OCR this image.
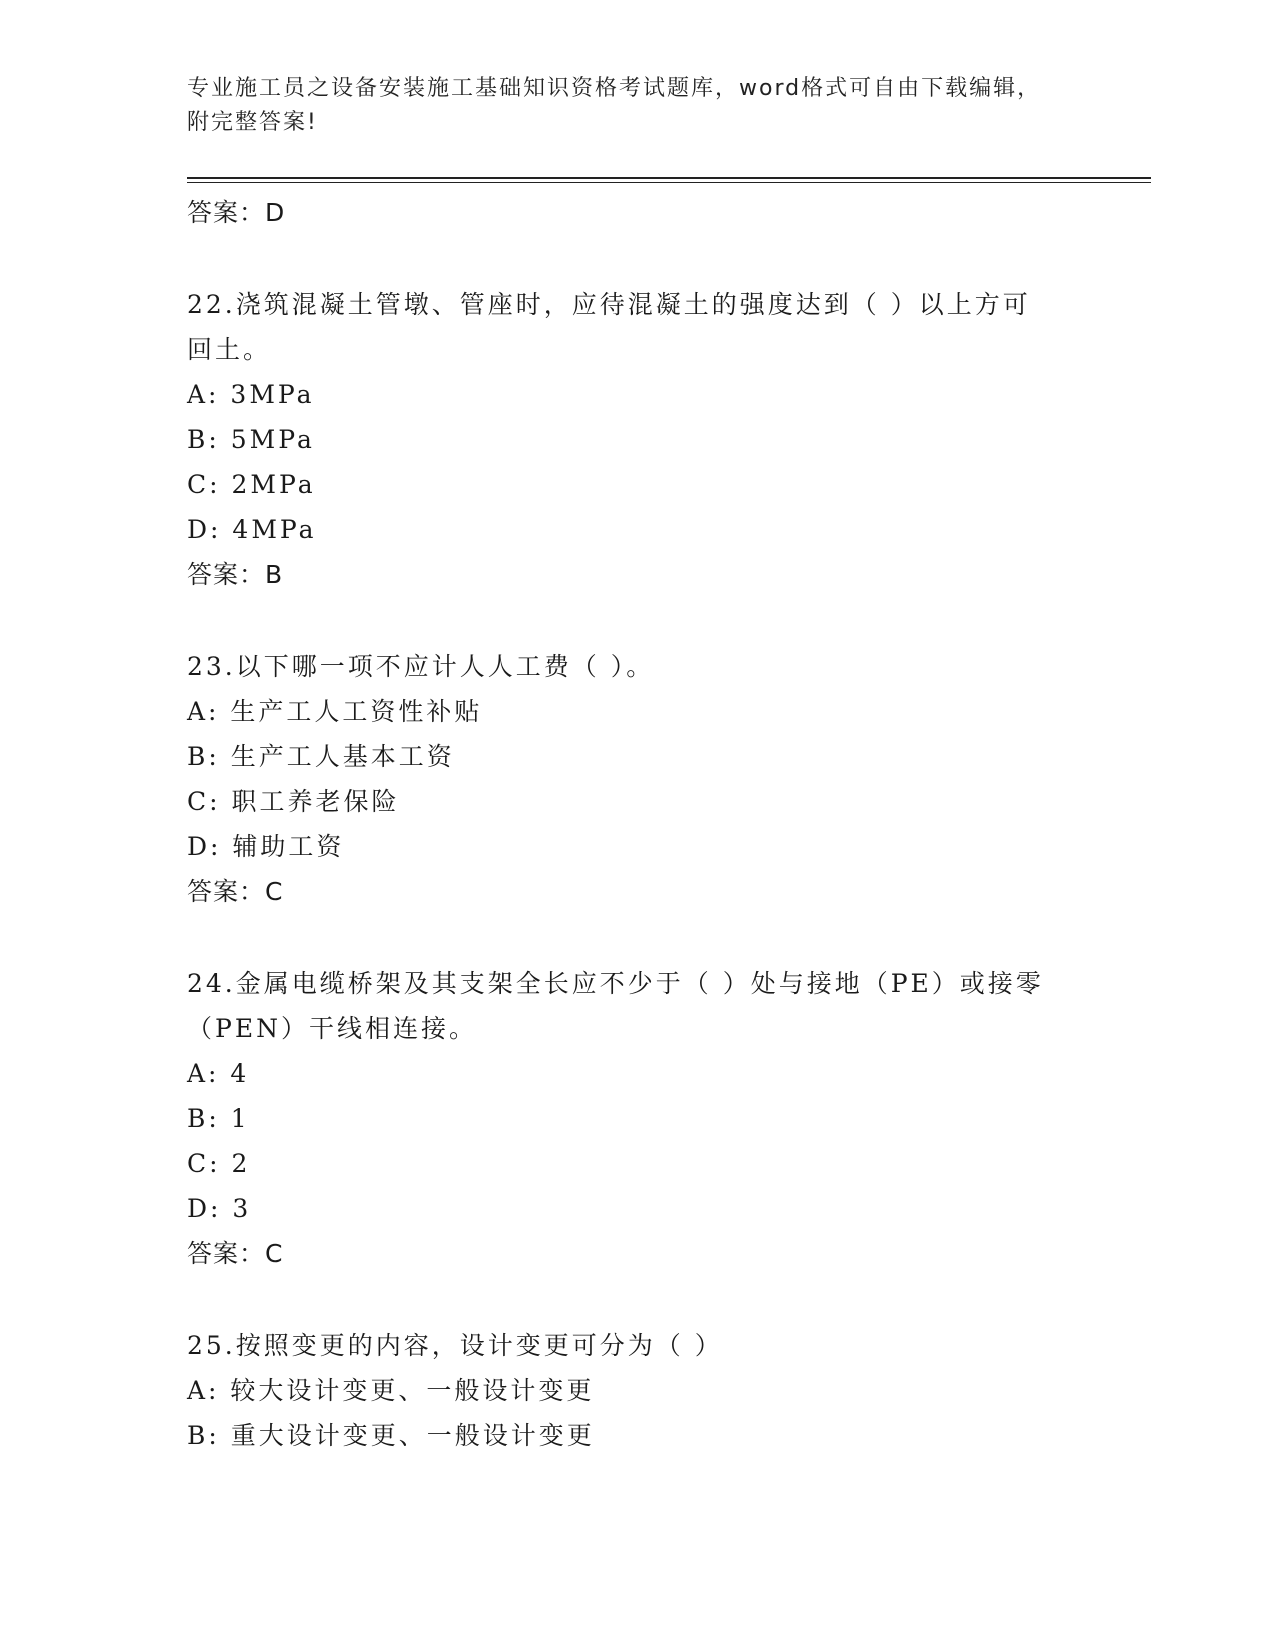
专业施工员之设备安装施工基础知识资格考试题库，word格式可自由下载编辑，
附完整答案!
答案：D
22.浇筑混凝土管墩、管座时，应待混凝土的强度达到（ ）以上方可
回土。
A: 3MPa
B: 5MPa
C: 2MPa
D: 4MPa
答案：B
23.以下哪一项不应计人人工费（ ）。
A: 生产工人工资性补贴
B: 生产工人基本工资
C: 职工养老保险
D: 辅助工资
答案：C
24.金属电缆桥架及其支架全长应不少于（ ）处与接地（PE）或接零
（PEN）干线相连接。
A: 4
B: 1
C: 2
D: 3
答案：C
25.按照变更的内容，设计变更可分为（ ）
A: 较大设计变更、一般设计变更
B: 重大设计变更、一般设计变更
